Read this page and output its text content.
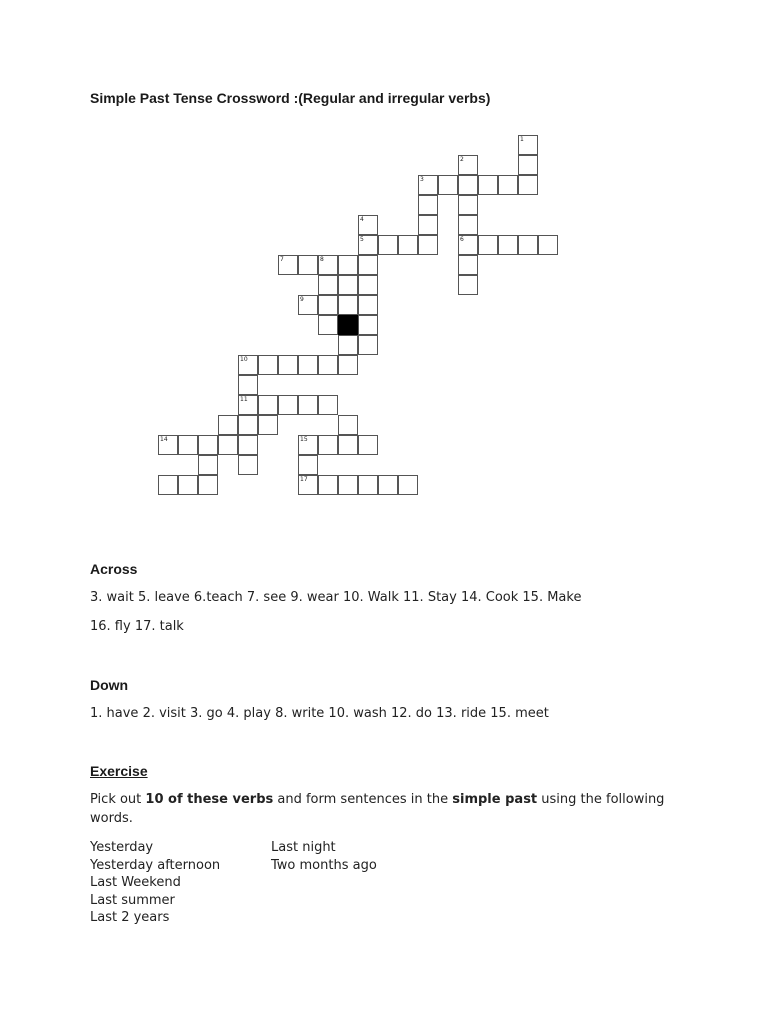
Simple Past Tense Crossword :(Regular and irregular verbs)
1
2
6
3
4
5
7	8
9
10
11
14	15
17
Across
3. wait 5. leave 6.teach 7. see 9. wear 10. Walk 11. Stay 14. Cook 15. Make
16. fly 17. talk
Down
1. have 2. visit 3. go 4. play 8. write 10. wash 12. do 13. ride 15. meet
Exercise
Pick out 10 of these verbs and form sentences in the simple past using the following
words.
Yesterday
Yesterday afternoon
Last Weekend
Last summer
Last 2 years
Last night
Two months ago
